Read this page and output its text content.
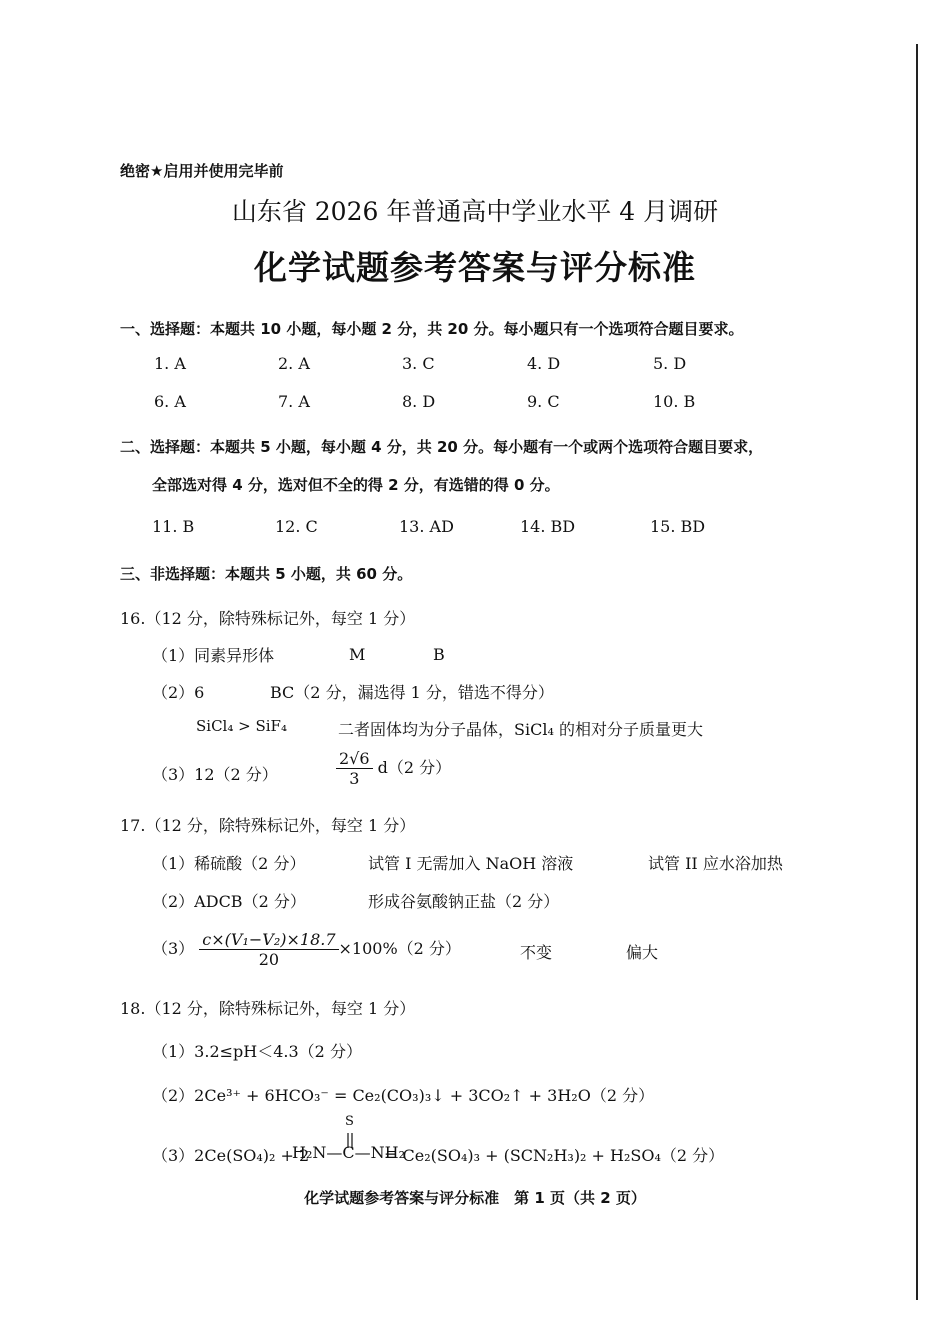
绝密★启用并使用完毕前
山东省 2026 年普通高中学业水平 4 月调研
化学试题参考答案与评分标准
一、选择题：本题共 10 小题，每小题 2 分，共 20 分。每小题只有一个选项符合题目要求。
1. A	2. A	3. C	4. D	5. D
6. A	7. A	8. D	9. C	10. B
二、选择题：本题共 5 小题，每小题 4 分，共 20 分。每小题有一个或两个选项符合题目要求，
全部选对得 4 分，选对但不全的得 2 分，有选错的得 0 分。
11. B	12. C	13. AD	14. BD	15. BD
三、非选择题：本题共 5 小题，共 60 分。
16.（12 分，除特殊标记外，每空 1 分）
（1）同素异形体	M	B
（2）6	BC（2 分，漏选得 1 分，错选不得分）
SiCl₄ > SiF₄	二者固体均为分子晶体，SiCl₄ 的相对分子质量更大
（3）12（2 分）	$\frac{2√6}{3} d(2$ 分）
17.（12 分，除特殊标记外，每空 1 分）
（1）稀硫酸（2 分）	试管 I 无需加入 NaOH 溶液	试管 II 应水浴加热
（2）ADCB（2 分）	形成谷氨酸钠正盐（2 分）
$(3) \frac{\text{c×(V₁−V₂)×18.7}}{20} \times 100\%(2$ 分）	不变	偏大
18.（12 分，除特殊标记外，每空 1 分）
（1）3.2≤pH＜4.3（2 分）
（2）2Ce³⁺ + 6HCO₃⁻ = Ce₂(CO₃)₃↓ + 3CO₂↑ + 3H₂O（2 分）
（3）2Ce(SO₄)₂ + 2
S
H₂N—C—NH₂
= Ce₂(SO₄)₃ + (SCN₂H₃)₂ + H₂SO₄（2 分）
化学试题参考答案与评分标准　第 1 页（共 2 页）
